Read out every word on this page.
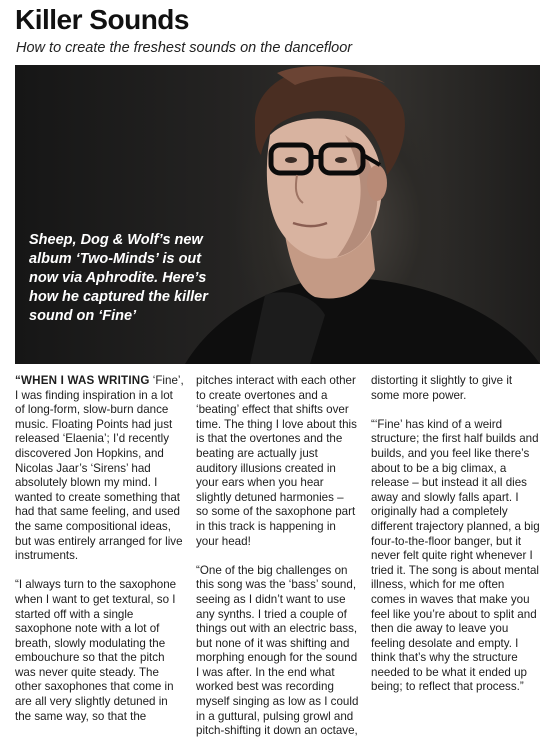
Killer Sounds

How to create the freshest sounds on the dancefloor

Sheep, Dog & Wolf’s new album ‘Two-Minds’ is out now via Aphrodite. Here’s how he captured the killer sound on ‘Fine’

“WHEN I WAS WRITING ‘Fine’, I was finding inspiration in a lot of long-form, slow-burn dance music. Floating Points had just released ‘Elaenia’; I’d recently discovered Jon Hopkins, and Nicolas Jaar’s ‘Sirens’ had absolutely blown my mind. I wanted to create something that had that same feeling, and used the same compositional ideas, but was entirely arranged for live instruments.

“I always turn to the saxophone when I want to get textural, so I started off with a single saxophone note with a lot of breath, slowly modulating the embouchure so that the pitch was never quite steady. The other saxophones that come in are all very slightly detuned in the same way, so that the

pitches interact with each other to create overtones and a ‘beating’ effect that shifts over time. The thing I love about this is that the overtones and the beating are actually just auditory illusions created in your ears when you hear slightly detuned harmonies – so some of the saxophone part in this track is happening in your head!

“One of the big challenges on this song was the ‘bass’ sound, seeing as I didn’t want to use any synths. I tried a couple of things out with an electric bass, but none of it was shifting and morphing enough for the sound I was after. In the end what worked best was recording myself singing as low as I could in a guttural, pulsing growl and pitch-shifting it down an octave,

distorting it slightly to give it some more power.

“‘Fine’ has kind of a weird structure; the first half builds and builds, and you feel like there’s about to be a big climax, a release – but instead it all dies away and slowly falls apart. I originally had a completely different trajectory planned, a big four-to-the-floor banger, but it never felt quite right whenever I tried it. The song is about mental illness, which for me often comes in waves that make you feel like you’re about to split and then die away to leave you feeling desolate and empty. I think that’s why the structure needed to be what it ended up being; to reflect that process.”
